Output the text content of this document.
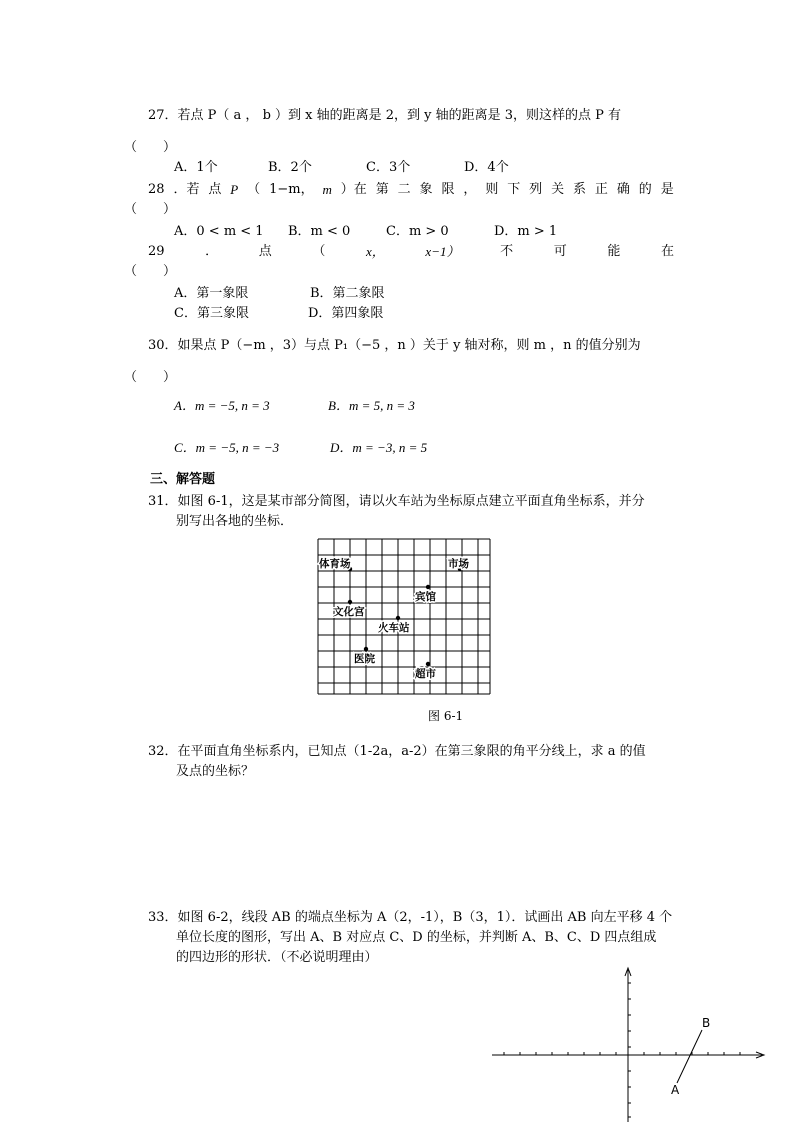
27．若点 P（ a ， b ）到 x 轴的距离是 2，到 y 轴的距离是 3，则这样的点 P 有
（　　）
A．1个	B．2个	C．3个	D．4个
28 ．若 点 P （ 1−m， m ）在 第 二 象 限 ， 则 下 列 关 系 正 确 的 是
（　　）
A．0 < m < 1 B．m < 0	C．m > 0	D．m > 1
29	．	点	（	x，	x−1）	不	可	能	在
（　　）
A．第一象限	B．第二象限
C．第三象限	D．第四象限
30．如果点 P（−m ，3）与点 P₁（−5 ，n ）关于 y 轴对称，则 m ，n 的值分别为
（　　）
A．m = −5, n = 3	B．m = 5, n = 3
C．m = −5, n = −3	D．m = −3, n = 5
三、解答题
31．如图 6-1，这是某市部分简图，请以火车站为坐标原点建立平面直角坐标系，并分
别写出各地的坐标．
体育场	市场
宾馆
文化宫
火车站
医院
超市
图 6-1
32．在平面直角坐标系内，已知点（1-2a，a-2）在第三象限的角平分线上，求 a 的值
及点的坐标？
33．如图 6-2，线段 AB 的端点坐标为 A（2，-1），B（3，1）．试画出 AB 向左平移 4 个
单位长度的图形，写出 A、B 对应点 C、D 的坐标，并判断 A、B、C、D 四点组成
的四边形的形状．（不必说明理由）
B
A
